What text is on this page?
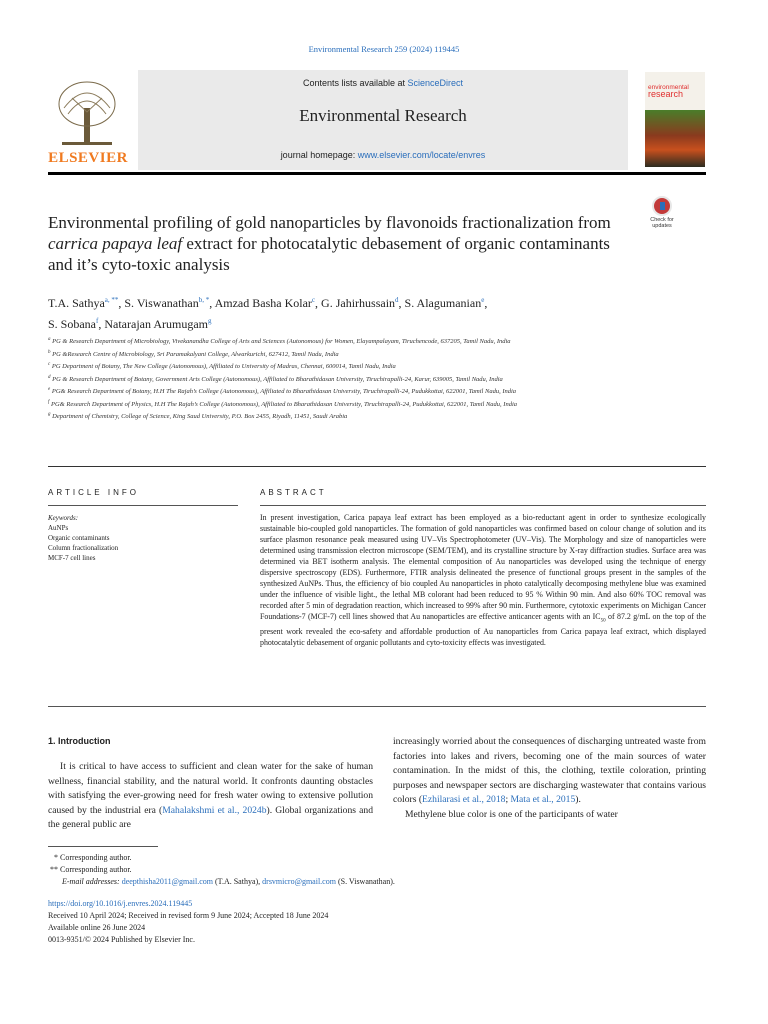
Environmental Research 259 (2024) 119445
ELSEVIER
Contents lists available at ScienceDirect
Environmental Research
journal homepage: www.elsevier.com/locate/envres
environmental
research
Check for updates
Environmental profiling of gold nanoparticles by flavonoids fractionalization from carrica papaya leaf extract for photocatalytic debasement of organic contaminants and it’s cyto-toxic analysis
T.A. Sathya$^{a, **}$, S. Viswanathan$^{b, *}$, Amzad Basha Kolar$^c$, G. Jahirhussain$^d$, S. Alagumanian$^e$,
S. Sobana$^f$, Natarajan Arumugam$^g$
$^a$ PG & Research Department of Microbiology, Vivekanandha College of Arts and Sciences (Autonomous) for Women, Elayampalayam, Tiruchencode, 637205, Tamil Nadu, India
$^b$ PG &Research Centre of Microbiology, Sri Paramakalyani College, Alwarkurichi, 627412, Tamil Nadu, India
$^c$ PG Department of Botany, The New College (Autonomous), Affiliated to University of Madras, Chennai, 600014, Tamil Nadu, India
$^d$ PG & Research Department of Botany, Government Arts College (Autonomous), Affiliated to Bharathidasan University, Tiruchirapalli-24, Karur, 639005, Tamil Nadu, India
$^e$ PG& Research Department of Botany, H.H The Rajah’s College (Autonomous), Affiliated to Bharathidasan University, Tiruchirapalli-24, Pudukkottai, 622001, Tamil Nadu, India
$^f$ PG& Research Department of Physics, H.H The Rajah’s College (Autonomous), Affiliated to Bharathidasan University, Tiruchirapalli-24, Pudukkottai, 622001, Tamil Nadu, India
$^g$ Department of Chemistry, College of Science, King Saud University, P.O. Box 2455, Riyadh, 11451, Saudi Arabia
ARTICLE INFO
Keywords:
AuNPs
Organic contaminants
Column fractionalization
MCF-7 cell lines
ABSTRACT
In present investigation, Carica papaya leaf extract has been employed as a bio-reductant agent in order to synthesize ecologically sustainable bio-coupled gold nanoparticles. The formation of gold nanoparticles was confirmed based on colour change of solution and its surface plasmon resonance peak measured using UV–Vis Spectrophotometer (UV–Vis). The Morphology and size of nanoparticles were determined using transmission electron microscope (SEM/TEM), and its crystalline structure by X-ray diffraction studies. Surface area was determined via BET isotherm analysis. The elemental composition of Au nanoparticles was developed using the technique of energy dispersive spectroscopy (EDS). Furthermore, FTIR analysis delineated the presence of functional groups present in the samples of the synthesized AuNPs. Thus, the efficiency of bio coupled Au nanoparticles in photo catalytically decomposing methylene blue was examined under the influence of visible light., the lethal MB colorant had been reduced to 95 % Within 90 min. And also 60% TOC removal was recorded after 5 min of degradation reaction, which increased to 99% after 90 min. Furthermore, cytotoxic experiments on Michigan Cancer Foundations-7 (MCF-7) cell lines showed that Au nanoparticles are effective anticancer agents with an $IC_{50}$ of 87.2 g/mL on the top of the present work revealed the eco-safety and affordable production of Au nanoparticles from Carica papaya leaf extract, which displayed photocatalytic debasement of organic pollutants and cyto-toxicity effects was investigated.
1. Introduction
It is critical to have access to sufficient and clean water for the sake of human wellness, financial stability, and the natural world. It confronts daunting obstacles with satisfying the ever-growing need for fresh water owing to extensive pollution caused by the industrial era (Mahalakshmi et al., 2024b). Global organizations and the general public are
increasingly worried about the consequences of discharging untreated waste from factories into lakes and rivers, becoming one of the main sources of water contamination. In the midst of this, the clothing, textile coloration, printing purposes and newspaper sectors are discharging wastewater that contains various colors (Ezhilarasi et al., 2018; Mata et al., 2015).
Methylene blue color is one of the participants of water
* Corresponding author.
** Corresponding author.
E-mail addresses: deepthisha2011@gmail.com (T.A. Sathya), drsvmicro@gmail.com (S. Viswanathan).
https://doi.org/10.1016/j.envres.2024.119445
Received 10 April 2024; Received in revised form 9 June 2024; Accepted 18 June 2024
Available online 26 June 2024
0013-9351/© 2024 Published by Elsevier Inc.
